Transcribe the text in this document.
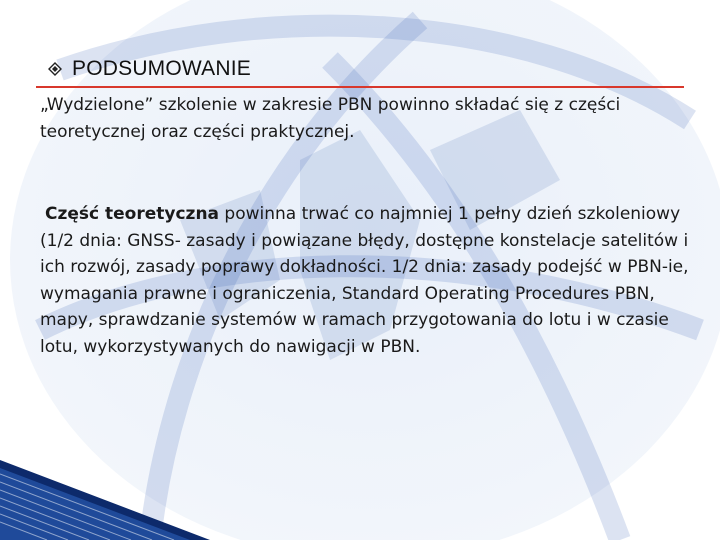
PODSUMOWANIE

„Wydzielone” szkolenie w zakresie PBN powinno składać się z części teoretycznej oraz części praktycznej.

Część teoretyczna powinna trwać co najmniej 1 pełny dzień szkoleniowy (1/2 dnia: GNSS- zasady i powiązane błędy, dostępne konstelacje satelitów i ich rozwój, zasady poprawy dokładności. 1/2 dnia: zasady podejść w PBN-ie, wymagania prawne i ograniczenia, Standard Operating Procedures PBN, mapy, sprawdzanie systemów w ramach przygotowania do lotu i w czasie lotu, wykorzystywanych do nawigacji w PBN.
